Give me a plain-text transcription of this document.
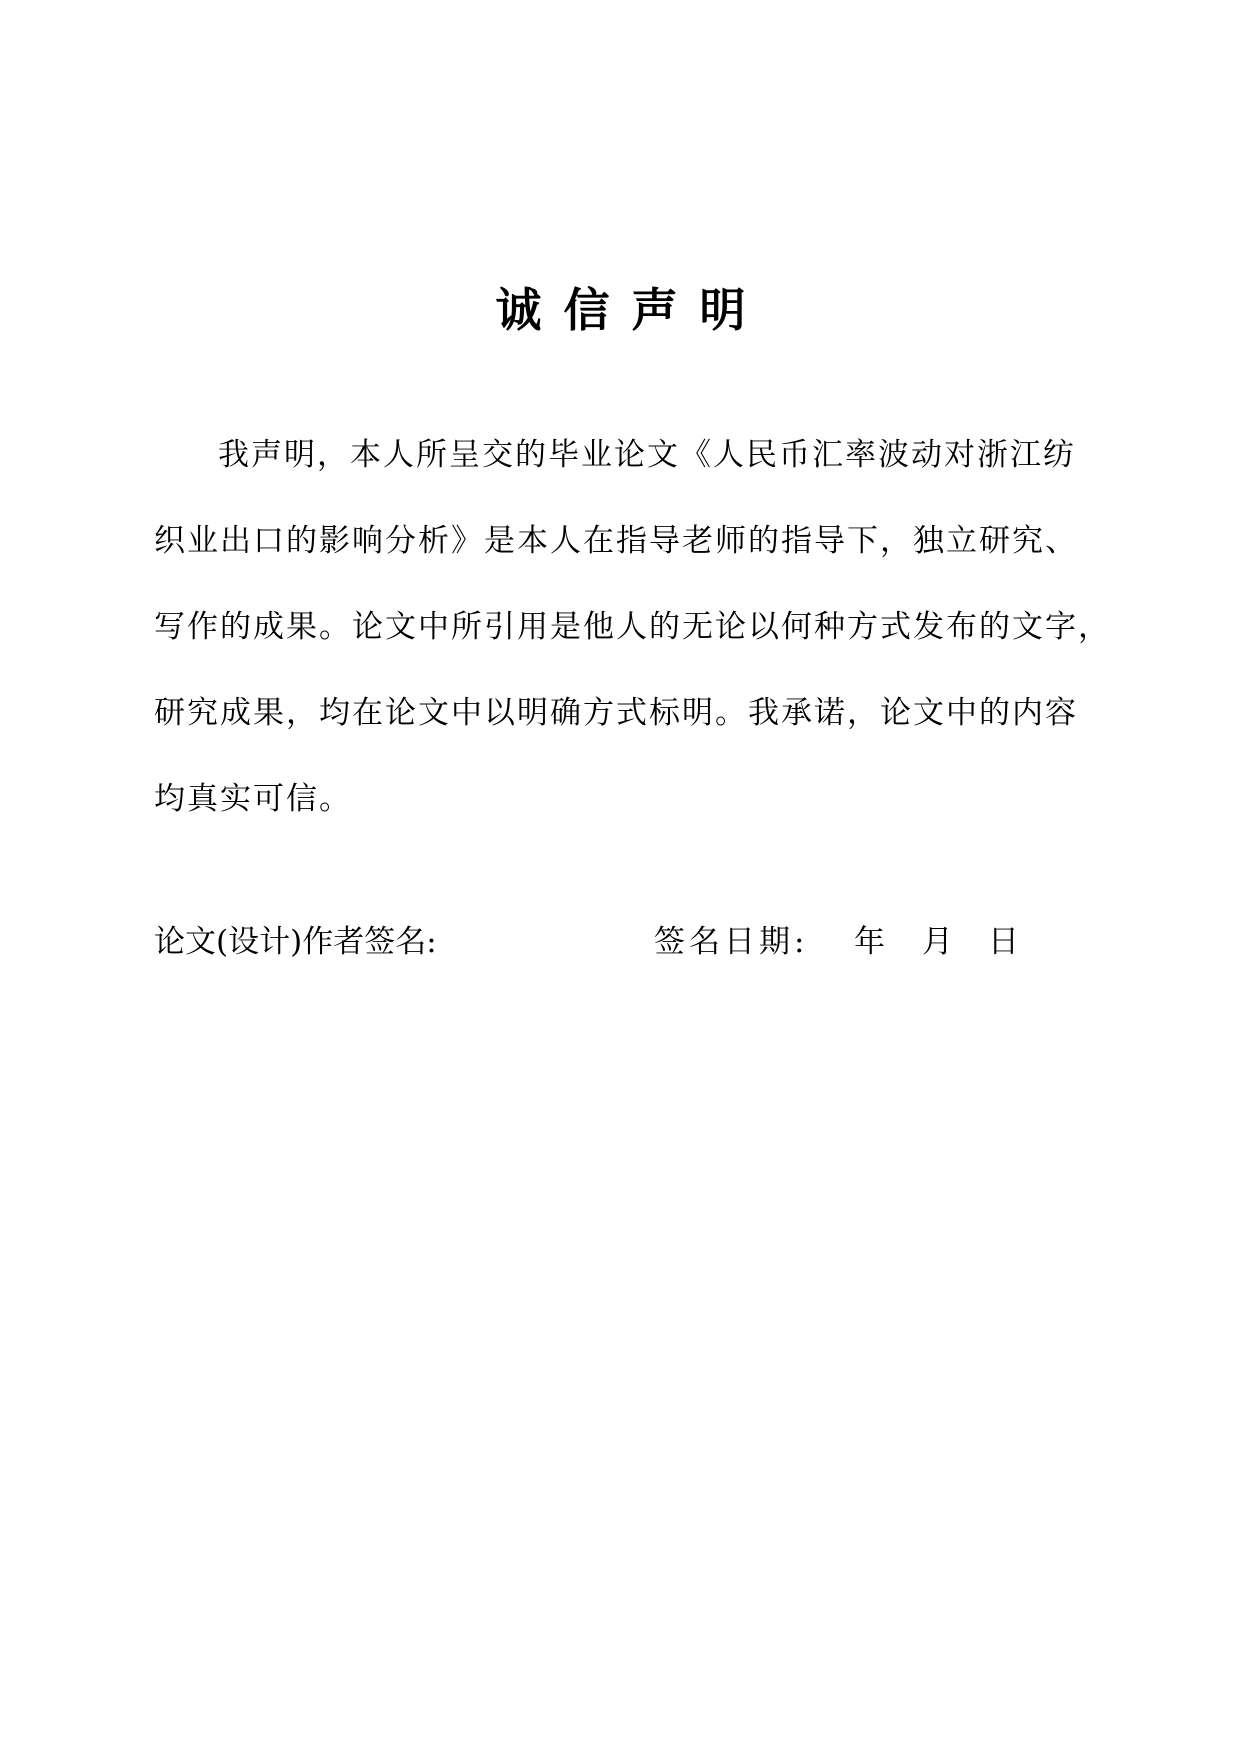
诚信声明
我声明，本人所呈交的毕业论文《人民币汇率波动对浙江纺
织业出口的影响分析》是本人在指导老师的指导下，独立研究、
写作的成果。论文中所引用是他人的无论以何种方式发布的文字，
研究成果，均在论文中以明确方式标明。我承诺，论文中的内容
均真实可信。
论文(设计)作者签名:	签名日期: 年 月 日
